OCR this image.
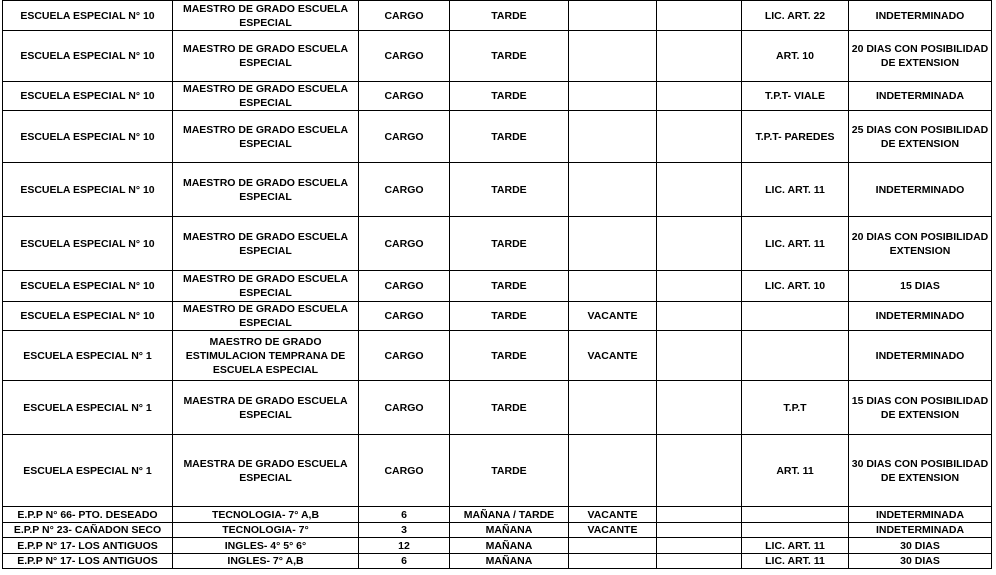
ESCUELA ESPECIAL N° 10	MAESTRO DE GRADO ESCUELA ESPECIAL	CARGO	TARDE			LIC. ART. 22	INDETERMINADO
ESCUELA ESPECIAL N° 10	MAESTRO DE GRADO ESCUELA ESPECIAL	CARGO	TARDE			ART. 10	20 DIAS CON POSIBILIDAD DE EXTENSION
ESCUELA ESPECIAL N° 10	MAESTRO DE GRADO ESCUELA ESPECIAL	CARGO	TARDE			T.P.T- VIALE	INDETERMINADA
ESCUELA ESPECIAL N° 10	MAESTRO DE GRADO ESCUELA ESPECIAL	CARGO	TARDE			T.P.T- PAREDES	25 DIAS CON POSIBILIDAD DE EXTENSION
ESCUELA ESPECIAL N° 10	MAESTRO DE GRADO ESCUELA ESPECIAL	CARGO	TARDE			LIC. ART. 11	INDETERMINADO
ESCUELA ESPECIAL N° 10	MAESTRO DE GRADO ESCUELA ESPECIAL	CARGO	TARDE			LIC. ART. 11	20 DIAS CON POSIBILIDAD EXTENSION
ESCUELA ESPECIAL N° 10	MAESTRO DE GRADO ESCUELA ESPECIAL	CARGO	TARDE			LIC. ART. 10	15 DIAS
ESCUELA ESPECIAL N° 10	MAESTRO DE GRADO ESCUELA ESPECIAL	CARGO	TARDE	VACANTE			INDETERMINADO
ESCUELA ESPECIAL N° 1	MAESTRO DE GRADO ESTIMULACION TEMPRANA DE ESCUELA ESPECIAL	CARGO	TARDE	VACANTE			INDETERMINADO
ESCUELA ESPECIAL N° 1	MAESTRA DE GRADO ESCUELA ESPECIAL	CARGO	TARDE			T.P.T	15 DIAS CON POSIBILIDAD DE EXTENSION
ESCUELA ESPECIAL N° 1	MAESTRA DE GRADO ESCUELA ESPECIAL	CARGO	TARDE			ART. 11	30 DIAS CON POSIBILIDAD DE EXTENSION
E.P.P N° 66- PTO. DESEADO	TECNOLOGIA- 7° A,B	6	MAÑANA / TARDE	VACANTE			INDETERMINADA
E.P.P N° 23- CAÑADON SECO	TECNOLOGIA- 7°	3	MAÑANA	VACANTE			INDETERMINADA
E.P.P N° 17- LOS ANTIGUOS	INGLES- 4° 5° 6°	12	MAÑANA			LIC. ART. 11	30 DIAS
E.P.P N° 17- LOS ANTIGUOS	INGLES- 7° A,B	6	MAÑANA			LIC. ART. 11	30 DIAS
